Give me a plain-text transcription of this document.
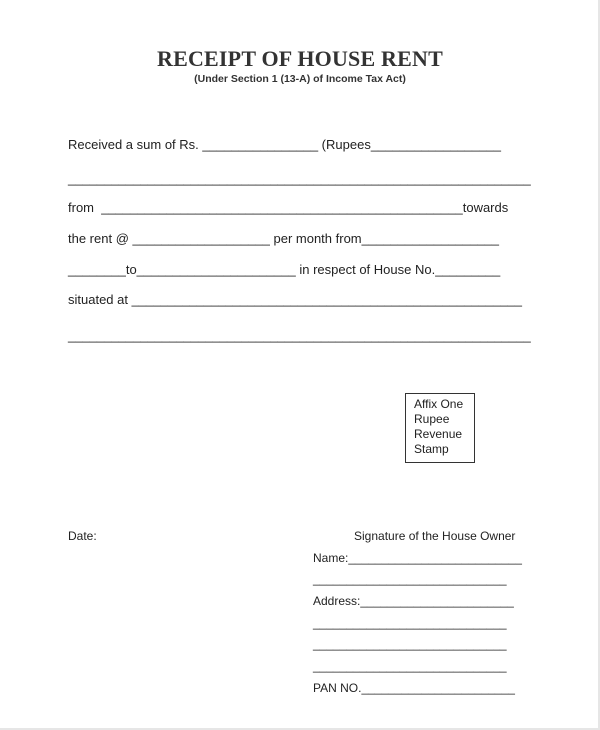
RECEIPT OF HOUSE RENT
(Under Section 1 (13-A) of Income Tax Act)
Received a sum of Rs. ________________ (Rupees__________________
________________________________________________________________
from  __________________________________________________towards
the rent @ ___________________ per month from___________________
________to______________________ in respect of House No._________
situated at ______________________________________________________
________________________________________________________________
Affix One
Rupee
Revenue
Stamp
Date:	Signature of the House Owner
Name:__________________________
_____________________________
Address:_______________________
_____________________________
_____________________________
PAN NO._______________________
_____________________________
